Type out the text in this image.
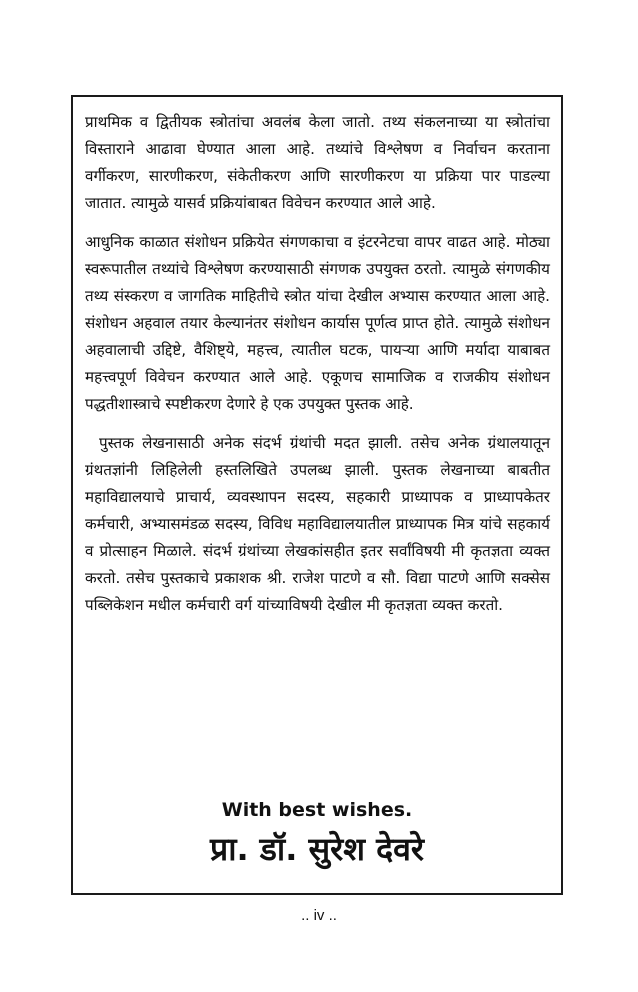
प्राथमिक व द्वितीयक स्त्रोतांचा अवलंब केला जातो. तथ्य संकलनाच्या या स्त्रोतांचा विस्ताराने आढावा घेण्यात आला आहे. तथ्यांचे विश्लेषण व निर्वाचन करताना वर्गीकरण, सारणीकरण, संकेतीकरण आणि सारणीकरण या प्रक्रिया पार पाडल्या जातात. त्यामुळे यासर्व प्रक्रियांबाबत विवेचन करण्यात आले आहे.

आधुनिक काळात संशोधन प्रक्रियेत संगणकाचा व इंटरनेटचा वापर वाढत आहे. मोठ्या स्वरूपातील तथ्यांचे विश्लेषण करण्यासाठी संगणक उपयुक्त ठरतो. त्यामुळे संगणकीय तथ्य संस्करण व जागतिक माहितीचे स्त्रोत यांचा देखील अभ्यास करण्यात आला आहे. संशोधन अहवाल तयार केल्यानंतर संशोधन कार्यास पूर्णत्व प्राप्त होते. त्यामुळे संशोधन अहवालाची उद्दिष्टे, वैशिष्ट्ये, महत्त्व, त्यातील घटक, पायऱ्या आणि मर्यादा याबाबत महत्त्वपूर्ण विवेचन करण्यात आले आहे. एकूणच सामाजिक व राजकीय संशोधन पद्धतीशास्त्राचे स्पष्टीकरण देणारे हे एक उपयुक्त पुस्तक आहे.

पुस्तक लेखनासाठी अनेक संदर्भ ग्रंथांची मदत झाली. तसेच अनेक ग्रंथालयातून ग्रंथतज्ञांनी लिहिलेली हस्तलिखिते उपलब्ध झाली. पुस्तक लेखनाच्या बाबतीत महाविद्यालयाचे प्राचार्य, व्यवस्थापन सदस्य, सहकारी प्राध्यापक व प्राध्यापकेतर कर्मचारी, अभ्यासमंडळ सदस्य, विविध महाविद्यालयातील प्राध्यापक मित्र यांचे सहकार्य व प्रोत्साहन मिळाले. संदर्भ ग्रंथांच्या लेखकांसहीत इतर सर्वांविषयी मी कृतज्ञता व्यक्त करतो. तसेच पुस्तकाचे प्रकाशक श्री. राजेश पाटणे व सौ. विद्या पाटणे आणि सक्सेस पब्लिकेशन मधील कर्मचारी वर्ग यांच्याविषयी देखील मी कृतज्ञता व्यक्त करतो.

With best wishes.

प्रा. डॉ. सुरेश देवरे

.. iv ..
